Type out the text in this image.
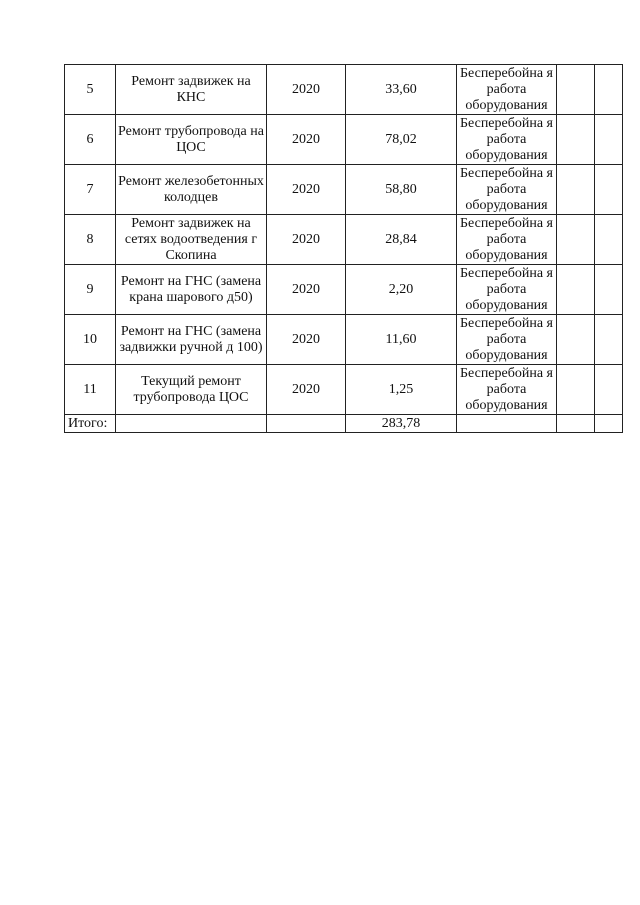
5	Ремонт задвижек на КНС	2020	33,60	Бесперебойна я работа оборудования		
6	Ремонт трубопровода на ЦОС	2020	78,02	Бесперебойна я работа оборудования		
7	Ремонт железобетонных колодцев	2020	58,80	Бесперебойна я работа оборудования		
8	Ремонт задвижек на сетях водоотведения г Скопина	2020	28,84	Бесперебойна я работа оборудования		
9	Ремонт на ГНС (замена крана шарового д50)	2020	2,20	Бесперебойна я работа оборудования		
10	Ремонт на ГНС (замена задвижки ручной д 100)	2020	11,60	Бесперебойна я работа оборудования		
11	Текущий ремонт трубопровода ЦОС	2020	1,25	Бесперебойна я работа оборудования		
Итого:			283,78			
